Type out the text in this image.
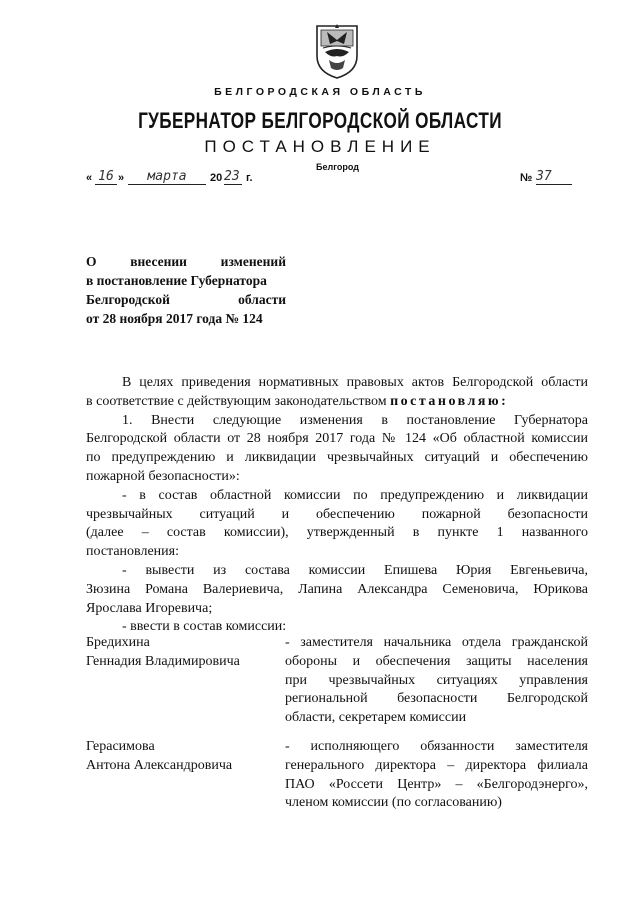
БЕЛГОРОДСКАЯ ОБЛАСТЬ
ГУБЕРНАТОР БЕЛГОРОДСКОЙ ОБЛАСТИ
ПОСТАНОВЛЕНИЕ
Белгород
« 16 »	марта	20 23 г.	№ 37
О внесении изменений
в постановление Губернатора
Белгородской	области
от 28 ноября 2017 года № 124
В целях приведения нормативных правовых актов Белгородской области
в соответствие с действующим законодательством постановляю:
1.  Внести  следующие  изменения  в  постановление  Губернатора
Белгородской области от 28 ноября 2017 года № 124 «Об областной комиссии
по предупреждению и ликвидации чрезвычайных ситуаций и обеспечению
пожарной безопасности»:
- в состав областной комиссии по предупреждению и ликвидации
чрезвычайных    ситуаций    и    обеспечению    пожарной    безопасности
(далее  –  состав  комиссии),  утвержденный  в  пункте  1  названного
постановления:
-  вывести  из  состава  комиссии  Епишева  Юрия  Евгеньевича,
Зюзина Романа Валериевича, Лапина Александра Семеновича, Юрикова
Ярослава Игоревича;
- ввести в состав комиссии:
Бредихина
Геннадия Владимировича
- заместителя начальника отдела гражданской
обороны и обеспечения защиты населения
при чрезвычайных ситуациях управления
региональной безопасности Белгородской
области, секретарем комиссии
Герасимова
Антона Александровича
-  исполняющего  обязанности  заместителя
генерального директора – директора филиала
ПАО «Россети Центр» – «Белгородэнерго»,
членом комиссии (по согласованию)
